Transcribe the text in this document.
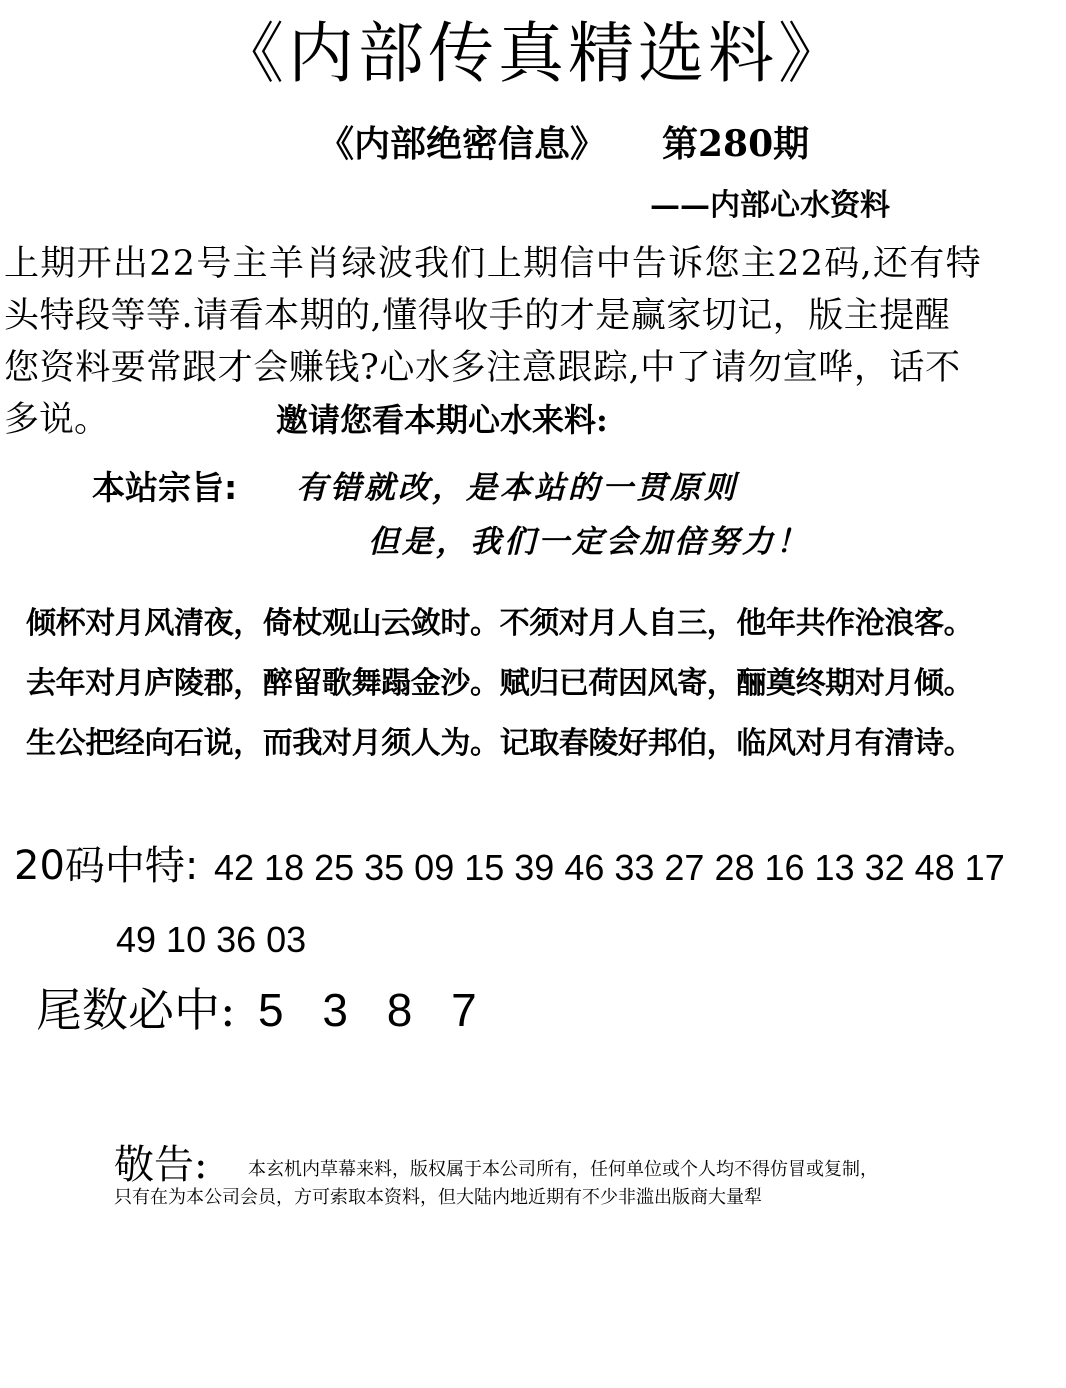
《内部传真精选料》
《内部绝密信息》 第280期
——内部心水资料
上期开出22号主羊肖绿波我们上期信中告诉您主22码,还有特
头特段等等.请看本期的,懂得收手的才是赢家切记，版主提醒
您资料要常跟才会赚钱?心水多注意跟踪,中了请勿宣哗，话不
多说。	邀请您看本期心水来料:
本站宗旨: 有错就改，是本站的一贯原则
但是，我们一定会加倍努力！
倾杯对月风清夜，倚杖观山云敛时。不须对月人自三，他年共作沧浪客。
去年对月庐陵郡，醉留歌舞蹋金沙。赋归已荷因风寄，酾奠终期对月倾。
生公把经向石说，而我对月须人为。记取春陵好邦伯，临风对月有清诗。
20码中特: 42 18 25 35 09 15 39 46 33 27 28 16 13 32 48 17
49 10 36 03
尾数必中: 5 3 8 7
敬告: 本玄机内草幕来料，版权属于本公司所有，任何单位或个人均不得仿冒或复制，
只有在为本公司会员，方可索取本资料，但大陆内地近期有不少非滥出版商大量犁
